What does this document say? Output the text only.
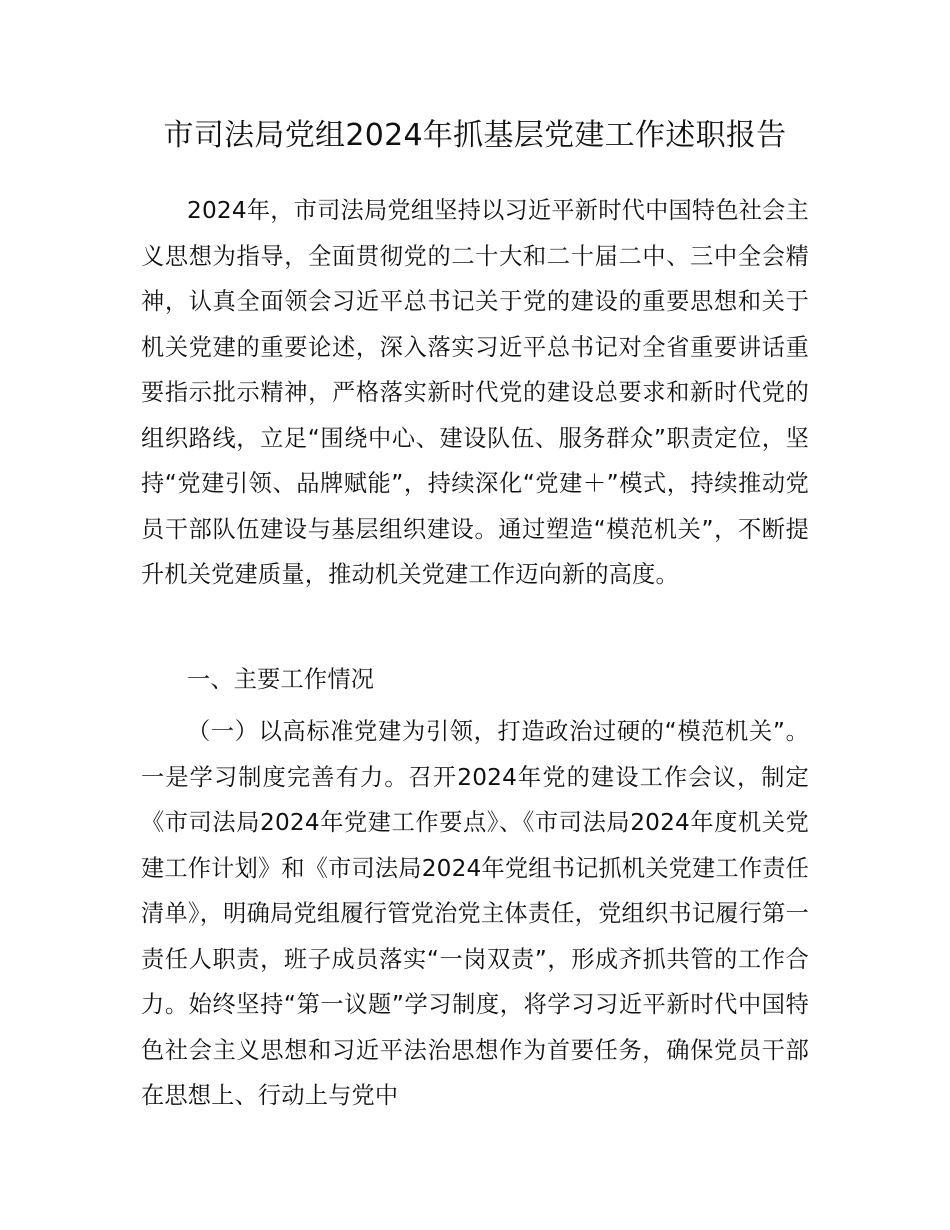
市司法局党组2024年抓基层党建工作述职报告

2024年，市司法局党组坚持以习近平新时代中国特色社会主义思想为指导，全面贯彻党的二十大和二十届二中、三中全会精神，认真全面领会习近平总书记关于党的建设的重要思想和关于机关党建的重要论述，深入落实习近平总书记对全省重要讲话重要指示批示精神，严格落实新时代党的建设总要求和新时代党的组织路线，立足“围绕中心、建设队伍、服务群众”职责定位，坚持“党建引领、品牌赋能”，持续深化“党建＋”模式，持续推动党员干部队伍建设与基层组织建设。通过塑造“模范机关”，不断提升机关党建质量，推动机关党建工作迈向新的高度。

一、主要工作情况

（一）以高标准党建为引领，打造政治过硬的“模范机关”。一是学习制度完善有力。召开2024年党的建设工作会议，制定《市司法局2024年党建工作要点》、《市司法局2024年度机关党建工作计划》和《市司法局2024年党组书记抓机关党建工作责任清单》，明确局党组履行管党治党主体责任，党组织书记履行第一责任人职责，班子成员落实“一岗双责”，形成齐抓共管的工作合力。始终坚持“第一议题”学习制度，将学习习近平新时代中国特色社会主义思想和习近平法治思想作为首要任务，确保党员干部在思想上、行动上与党中
